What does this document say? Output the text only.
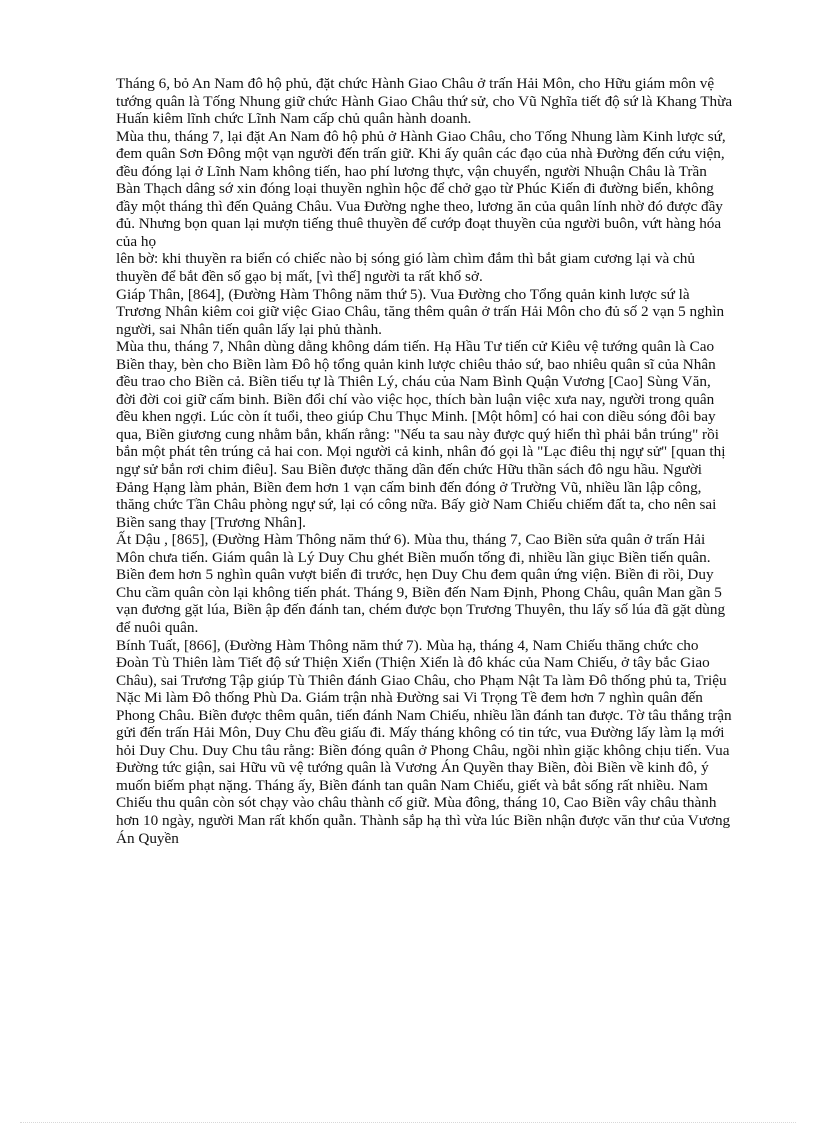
Tháng 6, bỏ An Nam đô hộ phủ, đặt chức Hành Giao Châu ở trấn Hải Môn, cho Hữu giám môn vệ tướng quân là Tống Nhung giữ chức Hành Giao Châu thứ sử, cho Vũ Nghĩa tiết độ sứ là Khang Thừa Huấn kiêm lĩnh chức Lĩnh Nam cấp chủ quân hành doanh.

Mùa thu, tháng 7, lại đặt An Nam đô hộ phủ ở Hành Giao Châu, cho Tống Nhung làm Kinh lược sứ, đem quân Sơn Đông một vạn người đến trấn giữ. Khi ấy quân các đạo của nhà Đường đến cứu viện, đều đóng lại ở Lĩnh Nam không tiến, hao phí lương thực, vận chuyển, người Nhuận Châu là Trần Bàn Thạch dâng sớ xin đóng loại thuyền nghìn hộc để chở gạo từ Phúc Kiến đi đường biển, không đầy một tháng thì đến Quảng Châu. Vua Đường nghe theo, lương ăn của quân lính nhờ đó được đầy đủ. Nhưng bọn quan lại mượn tiếng thuê thuyền để cướp đoạt thuyền của người buôn, vứt hàng hóa của họ

lên bờ: khi thuyền ra biển có chiếc nào bị sóng gió làm chìm đắm thì bắt giam cương lại và chủ thuyền để bắt đền số gạo bị mất, [vì thế] người ta rất khổ sở.

Giáp Thân, [864], (Đường Hàm Thông năm thứ 5). Vua Đường cho Tổng quản kinh lược sứ là Trương Nhân kiêm coi giữ việc Giao Châu, tăng thêm quân ở trấn Hải Môn cho đủ số 2 vạn 5 nghìn người, sai Nhân tiến quân lấy lại phủ thành.

Mùa thu, tháng 7, Nhân dùng dằng không dám tiến. Hạ Hầu Tư tiến cử Kiêu vệ tướng quân là Cao Biền thay, bèn cho Biền làm Đô hộ tổng quản kinh lược chiêu thảo sứ, bao nhiêu quân sĩ của Nhân đều trao cho Biền cả. Biền tiểu tự là Thiên Lý, cháu của Nam Bình Quận Vương [Cao] Sùng Văn, đời đời coi giữ cấm binh. Biền đổi chí vào việc học, thích bàn luận việc xưa nay, người trong quân đều khen ngợi. Lúc còn ít tuổi, theo giúp Chu Thục Minh. [Một hôm] có hai con diều sóng đôi bay qua, Biền giương cung nhằm bắn, khấn rằng: "Nếu ta sau này được quý hiển thì phải bắn trúng" rồi bắn một phát tên trúng cả hai con. Mọi người cả kinh, nhân đó gọi là "Lạc điêu thị ngự sử" [quan thị ngự sử bắn rơi chim điêu]. Sau Biền được thăng dần đến chức Hữu thần sách đô ngu hầu. Người Đảng Hạng làm phản, Biền đem hơn 1 vạn cấm binh đến đóng ở Trường Vũ, nhiều lần lập công, thăng chức Tần Châu phòng ngự sứ, lại có công nữa. Bấy giờ Nam Chiếu chiếm đất ta, cho nên sai Biền sang thay [Trương Nhân].

Ất Dậu , [865], (Đường Hàm Thông năm thứ 6). Mùa thu, tháng 7, Cao Biền sửa quân ở trấn Hải Môn chưa tiến. Giám quân là Lý Duy Chu ghét Biền muốn tống đi, nhiều lần giục Biền tiến quân. Biền đem hơn 5 nghìn quân vượt biển đi trước, hẹn Duy Chu đem quân ứng viện. Biền đi rồi, Duy Chu cầm quân còn lại không tiến phát. Tháng 9, Biền đến Nam Định, Phong Châu, quân Man gần 5 vạn đương gặt lúa, Biền ập đến đánh tan, chém được bọn Trương Thuyên, thu lấy số lúa đã gặt dùng để nuôi quân.

Bính Tuất, [866], (Đường Hàm Thông năm thứ 7). Mùa hạ, tháng 4, Nam Chiếu thăng chức cho Đoàn Tù Thiên làm Tiết độ sứ Thiện Xiển (Thiện Xiển là đô khác của Nam Chiếu, ở tây bắc Giao Châu), sai Trương Tập giúp Tù Thiên đánh Giao Châu, cho Phạm Nật Ta làm Đô thống phủ ta, Triệu Nặc Mi làm Đô thống Phù Da. Giám trận nhà Đường sai Vi Trọng Tề đem hơn 7 nghìn quân đến Phong Châu. Biền được thêm quân, tiến đánh Nam Chiếu, nhiều lần đánh tan được. Tờ tâu thắng trận gửi đến trấn Hải Môn, Duy Chu đều giấu đi. Mấy tháng không có tin tức, vua Đường lấy làm lạ mới hỏi Duy Chu. Duy Chu tâu rằng: Biền đóng quân ở Phong Châu, ngồi nhìn giặc không chịu tiến. Vua Đường tức giận, sai Hữu vũ vệ tướng quân là Vương Án Quyền thay Biền, đòi Biền về kinh đô, ý muốn biếm phạt nặng. Tháng ấy, Biền đánh tan quân Nam Chiếu, giết và bắt sống rất nhiều. Nam Chiếu thu quân còn sót chạy vào châu thành cố giữ. Mùa đông, tháng 10, Cao Biền vây châu thành hơn 10 ngày, người Man rất khốn quẫn. Thành sắp hạ thì vừa lúc Biền nhận được văn thư của Vương Án Quyền
